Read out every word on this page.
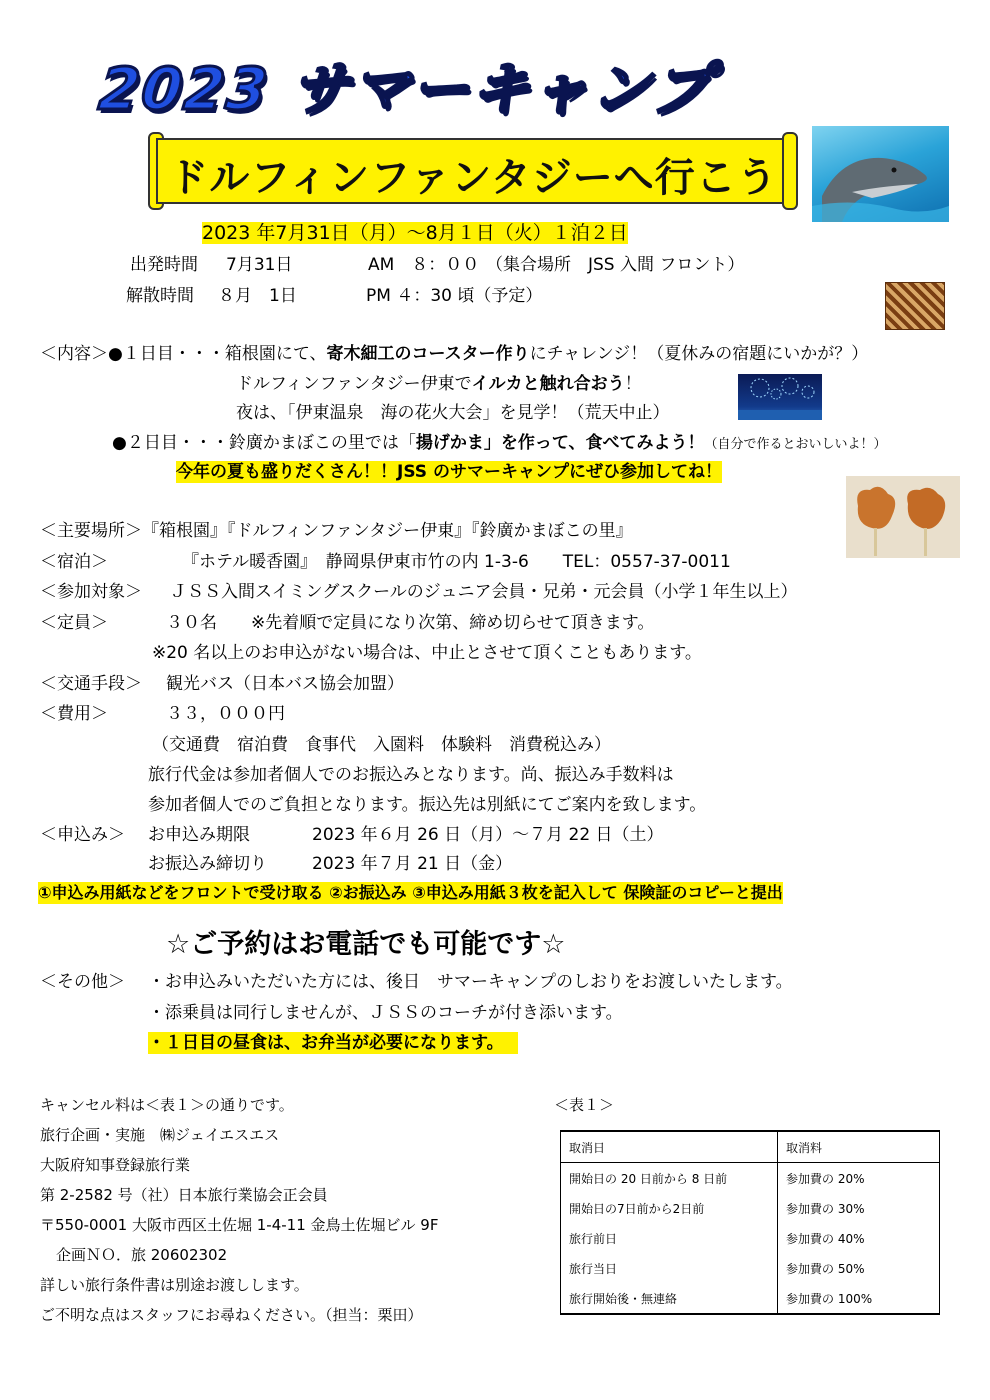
2023 サマーキャンプ
ドルフィンファンタジーへ行こう
2023 年7月31日（月）～8月１日（火）１泊２日
出発時間 7月31日	AM　８：００ （集合場所　JSS 入間 フロント）
解散時間 ８月　1日	PM ４：30 頃（予定）
＜内容＞●１日目・・・箱根園にて、寄木細工のコースター作りにチャレンジ！（夏休みの宿題にいかが？）
ドルフィンファンタジー伊東でイルカと触れ合おう！
夜は、「伊東温泉　海の花火大会」を見学！（荒天中止）
●２日目・・・鈴廣かまぼこの里では「揚げかま」を作って、食べてみよう！（自分で作るとおいしいよ！）
今年の夏も盛りだくさん！！JSS のサマーキャンプにぜひ参加してね！
＜主要場所＞『箱根園』『ドルフィンファンタジー伊東』『鈴廣かまぼこの里』
＜宿泊＞	『ホテル暖香園』　静岡県伊東市竹の内 1-3-6　　TEL：0557-37-0011
＜参加対象＞ ＪＳＳ入間スイミングスクールのジュニア会員・兄弟・元会員（小学１年生以上）
＜定員＞	３０名　　※先着順で定員になり次第、締め切らせて頂きます。
※20 名以上のお申込がない場合は、中止とさせて頂くこともあります。
＜交通手段＞ 観光バス（日本バス協会加盟）
＜費用＞	３３，０００円
（交通費　宿泊費　食事代　入園料　体験料　消費税込み）
旅行代金は参加者個人でのお振込みとなります。尚、振込み手数料は
参加者個人でのご負担となります。振込先は別紙にてご案内を致します。
＜申込み＞ お申込み期限	2023 年６月 26 日（月）～７月 22 日（土）
お振込み締切り	2023 年７月 21 日（金）
①申込み用紙などをフロントで受け取る ②お振込み ③申込み用紙３枚を記入して 保険証のコピーと提出
☆ご予約はお電話でも可能です☆
＜その他＞ ・お申込みいただいた方には、後日　サマーキャンプのしおりをお渡しいたします。
・添乗員は同行しませんが、ＪＳＳのコーチが付き添います。
・１日目の昼食は、お弁当が必要になります。
キャンセル料は＜表１＞の通りです。
旅行企画・実施　㈱ジェイエスエス
大阪府知事登録旅行業
第 2-2582 号（社）日本旅行業協会正会員
〒550-0001 大阪市西区土佐堀 1-4-11 金鳥土佐堀ビル 9F
企画ＮＯ．旅 20602302
詳しい旅行条件書は別途お渡しします。
ご不明な点はスタッフにお尋ねください。（担当：栗田）
＜表１＞
取消日	取消料
開始日の 20 日前から 8 日前	参加費の 20%
開始日の7日前から2日前	参加費の 30%
旅行前日	参加費の 40%
旅行当日	参加費の 50%
旅行開始後・無連絡	参加費の 100%
